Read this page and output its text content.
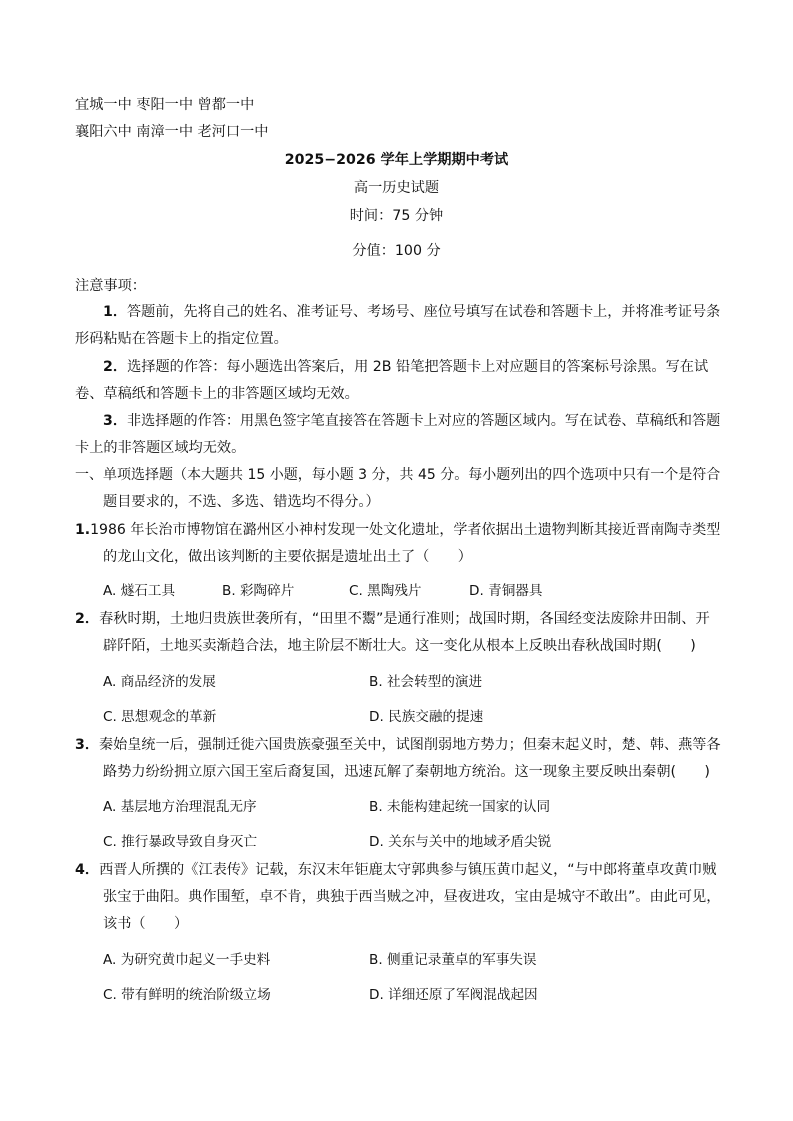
宜城一中 枣阳一中 曾都一中
襄阳六中 南漳一中 老河口一中
2025−2026 学年上学期期中考试
高一历史试题
时间：75 分钟
分值：100 分
注意事项：
1．答题前，先将自己的姓名、准考证号、考场号、座位号填写在试卷和答题卡上，并将准考证号条
形码粘贴在答题卡上的指定位置。
2．选择题的作答：每小题选出答案后，用 2B 铅笔把答题卡上对应题目的答案标号涂黑。写在试
卷、草稿纸和答题卡上的非答题区域均无效。
3．非选择题的作答：用黑色签字笔直接答在答题卡上对应的答题区域内。写在试卷、草稿纸和答题
卡上的非答题区域均无效。
一、单项选择题（本大题共 15 小题，每小题 3 分，共 45 分。每小题列出的四个选项中只有一个是符合
题目要求的，不选、多选、错选均不得分。）
1.1986 年长治市博物馆在潞州区小神村发现一处文化遗址，学者依据出土遗物判断其接近晋南陶寺类型
的龙山文化，做出该判断的主要依据是遗址出土了（　　）
A. 燧石工具	B. 彩陶碎片	C. 黑陶残片	D. 青铜器具
2．春秋时期，土地归贵族世袭所有，“田里不鬻”是通行准则；战国时期，各国经变法废除井田制、开
辟阡陌，土地买卖渐趋合法，地主阶层不断壮大。这一变化从根本上反映出春秋战国时期(　　)
A. 商品经济的发展	B. 社会转型的演进
C. 思想观念的革新	D. 民族交融的提速
3．秦始皇统一后，强制迁徙六国贵族豪强至关中，试图削弱地方势力；但秦末起义时，楚、韩、燕等各
路势力纷纷拥立原六国王室后裔复国，迅速瓦解了秦朝地方统治。这一现象主要反映出秦朝(　　)
A. 基层地方治理混乱无序	B. 未能构建起统一国家的认同
C. 推行暴政导致自身灭亡	D. 关东与关中的地域矛盾尖锐
4．西晋人所撰的《江表传》记载，东汉末年钜鹿太守郭典参与镇压黄巾起义，“与中郎将董卓攻黄巾贼
张宝于曲阳。典作围堑，卓不肯，典独于西当贼之冲，昼夜进攻，宝由是城守不敢出”。由此可见，
该书（　　）
A. 为研究黄巾起义一手史料	B. 侧重记录董卓的军事失误
C. 带有鲜明的统治阶级立场	D. 详细还原了军阀混战起因
